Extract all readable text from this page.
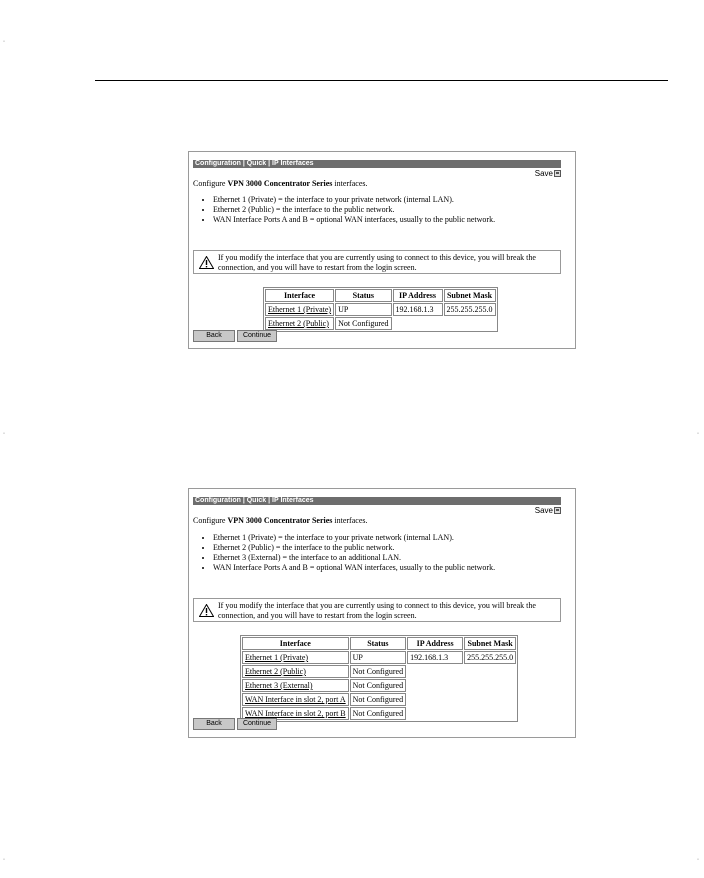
˙
˙	˙
˙	˙
Configuration | Quick | IP Interfaces
Save
Configure VPN 3000 Concentrator Series interfaces.
• Ethernet 1 (Private) = the interface to your private network (internal LAN).
• Ethernet 2 (Public) = the interface to the public network.
• WAN Interface Ports A and B = optional WAN interfaces, usually to the public network.
If you modify the interface that you are currently using to connect to this device, you will break the
connection, and you will have to restart from the login screen.
Interface	Status	IP Address	Subnet Mask
Ethernet 1 (Private)	UP	192.168.1.3	255.255.255.0
Ethernet 2 (Public)	Not Configured		
Back	Continue
Configuration | Quick | IP Interfaces
Save
Configure VPN 3000 Concentrator Series interfaces.
• Ethernet 1 (Private) = the interface to your private network (internal LAN).
• Ethernet 2 (Public) = the interface to the public network.
• Ethernet 3 (External) = the interface to an additional LAN.
• WAN Interface Ports A and B = optional WAN interfaces, usually to the public network.
If you modify the interface that you are currently using to connect to this device, you will break the
connection, and you will have to restart from the login screen.
Interface	Status	IP Address	Subnet Mask
Ethernet 1 (Private)	UP	192.168.1.3	255.255.255.0
Ethernet 2 (Public)	Not Configured		
Ethernet 3 (External)	Not Configured		
WAN Interface in slot 2, port A	Not Configured		
WAN Interface in slot 2, port B	Not Configured		
Back	Continue
